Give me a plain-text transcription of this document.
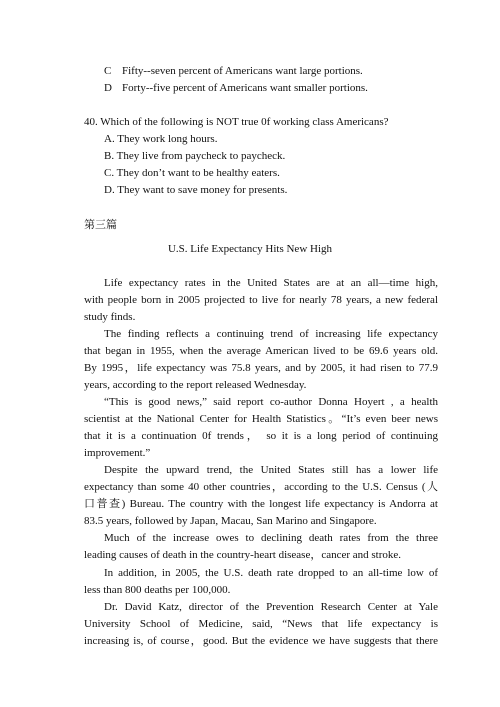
C Fifty--seven percent of Americans want large portions.
D Forty--five percent of Americans want smaller portions.
40. Which of the following is NOT true 0f working class Americans?
A. They work long hours.
B. They live from paycheck to paycheck.
C. They don’t want to be healthy eaters.
D. They want to save money for presents.
第三篇
U.S. Life Expectancy Hits New High
Life expectancy rates in the United States are at an all—time high,
with people born in 2005 projected to live for nearly 78 years, a new federal
study finds.
The finding reflects a continuing trend of increasing life expectancy
that began in 1955, when the average American lived to be 69.6 years old.
By 1995，life expectancy was 75.8 years, and by 2005, it had risen to 77.9
years, according to the report released Wednesday.
“This is good news,” said report co-author Donna Hoyert , a health
scientist at the National Center for Health Statistics。“It’s even beer news
that it is a continuation 0f trends， so it is a long period of continuing
improvement.”
Despite the upward trend, the United States still has a lower life
expectancy than some 40 other countries，according to the U.S. Census (人
口普查) Bureau. The country with the longest life expectancy is Andorra at
83.5 years, followed by Japan, Macau, San Marino and Singapore.
Much of the increase owes to declining death rates from the three
leading causes of death in the country-heart disease，cancer and stroke.
In addition, in 2005, the U.S. death rate dropped to an all-time low of
less than 800 deaths per 100,000.
Dr. David Katz, director of the Prevention Research Center at Yale
University School of Medicine, said, “News that life expectancy is
increasing is, of course，good. But the evidence we have suggests that there
